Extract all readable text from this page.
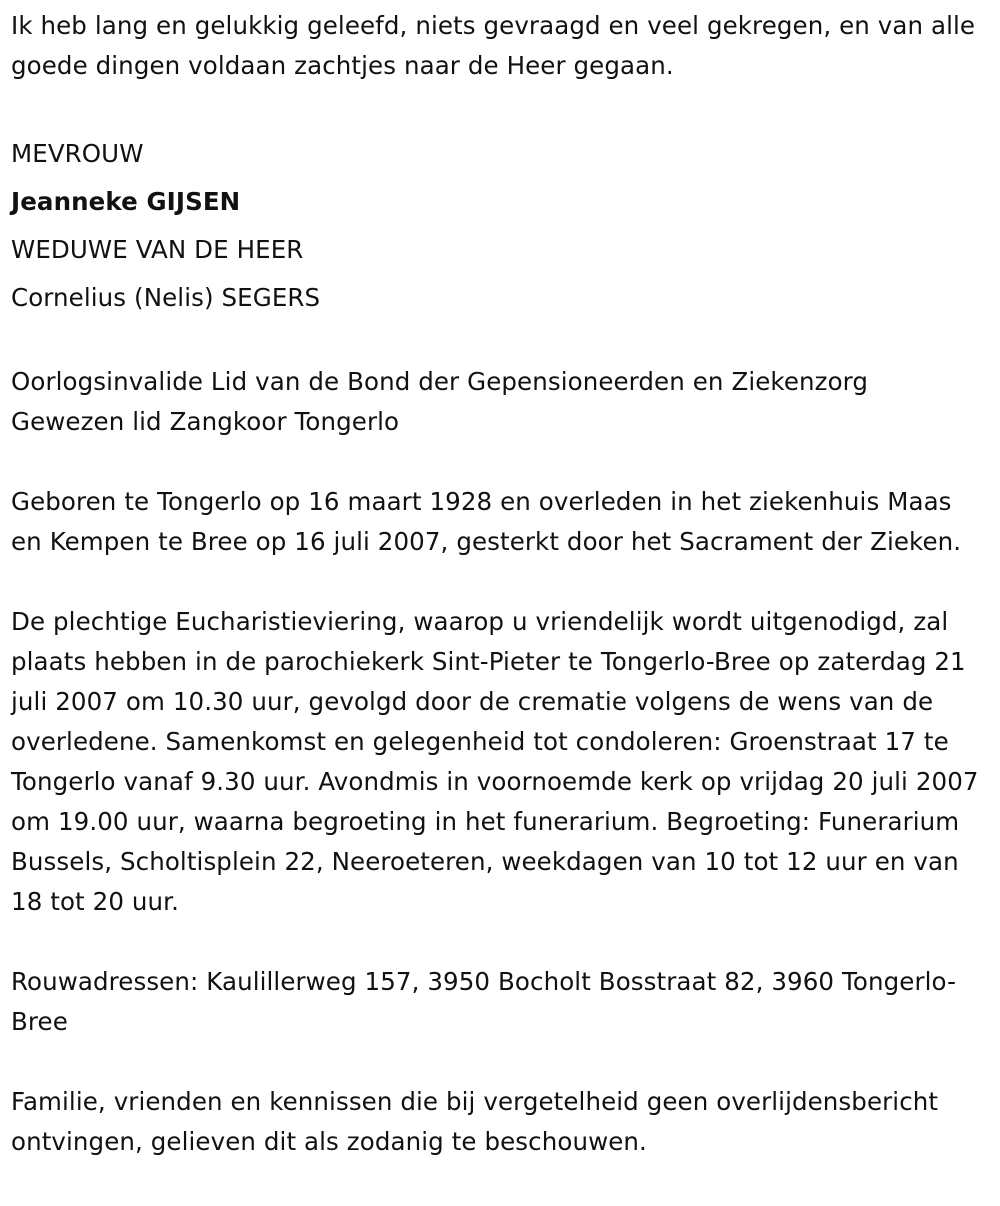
Ik heb lang en gelukkig geleefd, niets gevraagd en veel gekregen, en van alle goede dingen voldaan zachtjes naar de Heer gegaan.

MEVROUW

Jeanneke GIJSEN

WEDUWE VAN DE HEER

Cornelius (Nelis) SEGERS

Oorlogsinvalide Lid van de Bond der Gepensioneerden en Ziekenzorg

Gewezen lid Zangkoor Tongerlo

Geboren te Tongerlo op 16 maart 1928 en overleden in het ziekenhuis Maas en Kempen te Bree op 16 juli 2007, gesterkt door het Sacrament der Zieken.

De plechtige Eucharistieviering, waarop u vriendelijk wordt uitgenodigd, zal plaats hebben in de parochiekerk Sint-Pieter te Tongerlo-Bree op zaterdag 21 juli 2007 om 10.30 uur, gevolgd door de crematie volgens de wens van de overledene. Samenkomst en gelegenheid tot condoleren: Groenstraat 17 te Tongerlo vanaf 9.30 uur. Avondmis in voornoemde kerk op vrijdag 20 juli 2007 om 19.00 uur, waarna begroeting in het funerarium. Begroeting: Funerarium Bussels, Scholtisplein 22, Neeroeteren, weekdagen van 10 tot 12 uur en van 18 tot 20 uur.

Rouwadressen: Kaulillerweg 157, 3950 Bocholt Bosstraat 82, 3960 Tongerlo-Bree

Familie, vrienden en kennissen die bij vergetelheid geen overlijdensbericht ontvingen, gelieven dit als zodanig te beschouwen.
